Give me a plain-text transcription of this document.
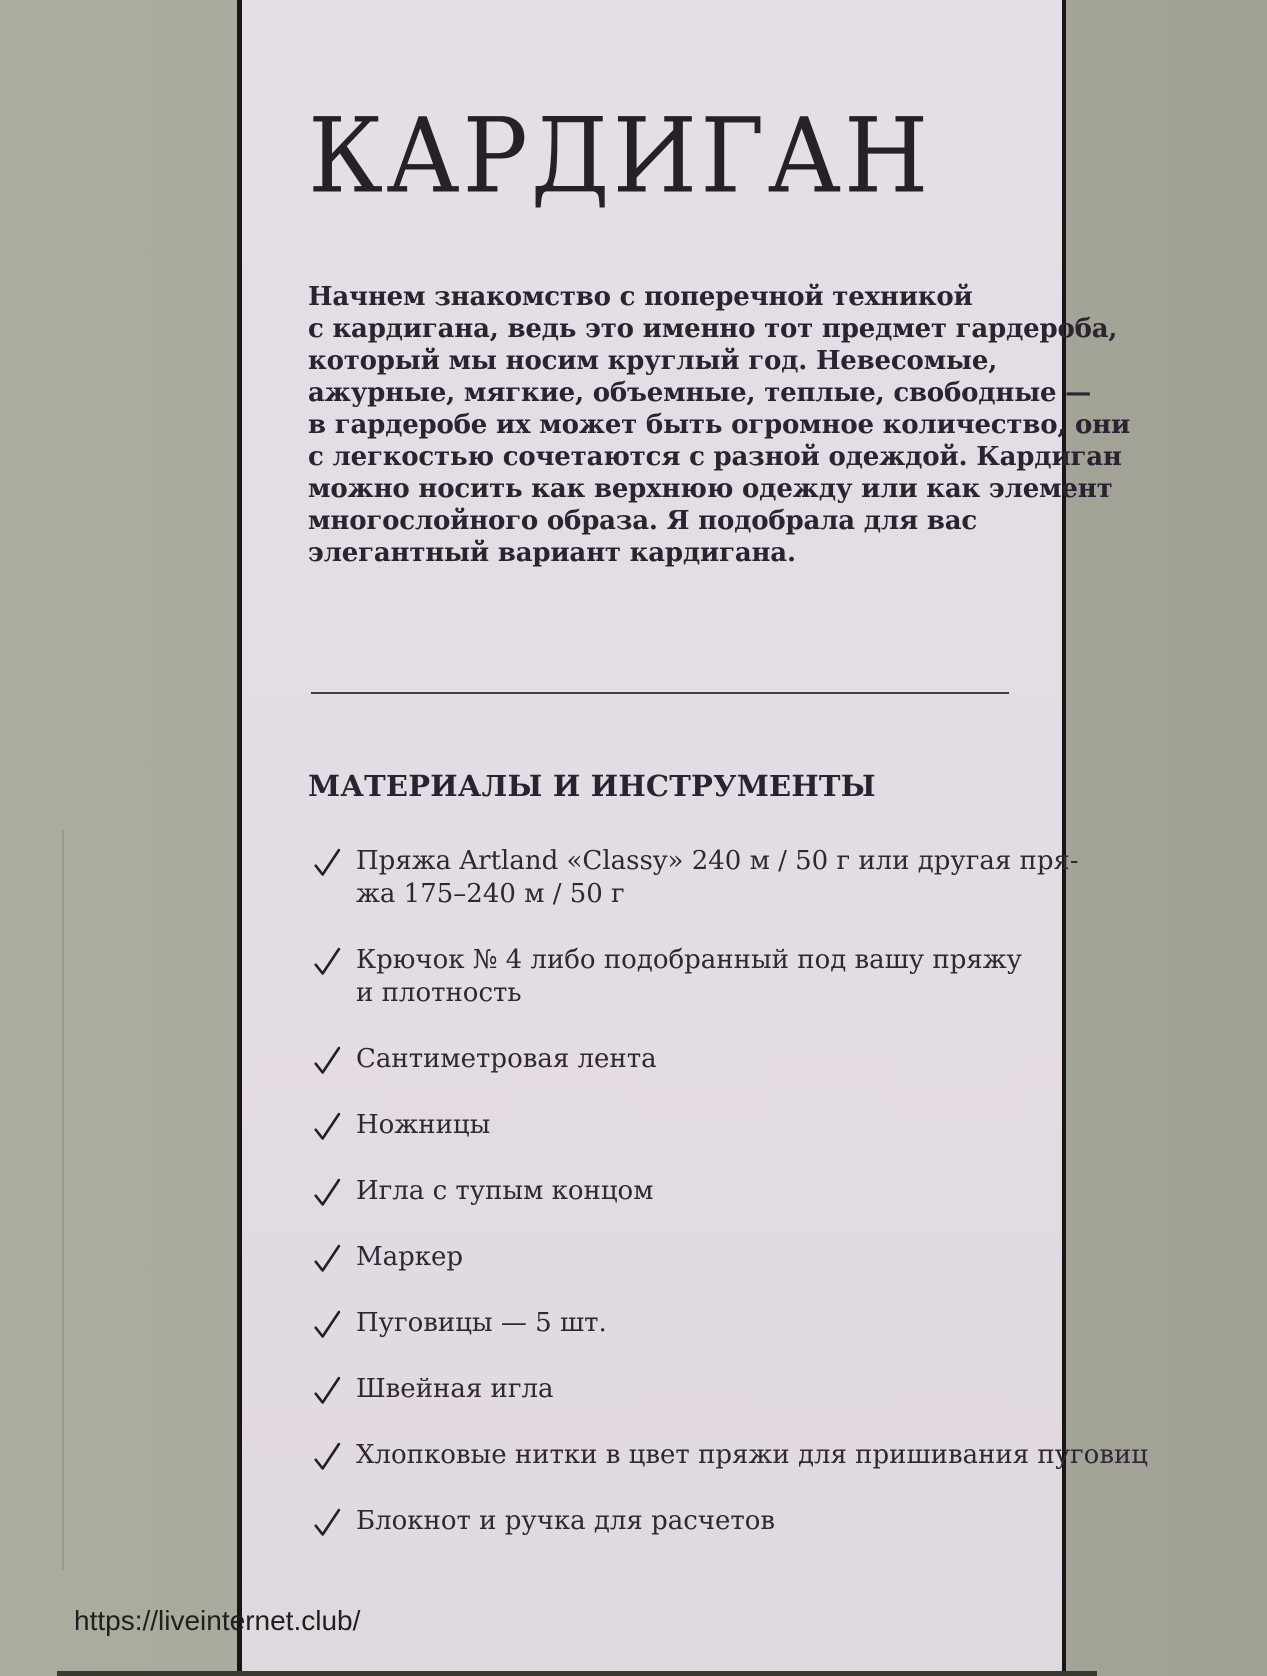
КАРДИГАН
Начнем знакомство с поперечной техникой
с кардигана, ведь это именно тот предмет гардероба,
который мы носим круглый год. Невесомые,
ажурные, мягкие, объемные, теплые, свободные —
в гардеробе их может быть огромное количество, они
с легкостью сочетаются с разной одеждой. Кардиган
можно носить как верхнюю одежду или как элемент
многослойного образа. Я подобрала для вас
элегантный вариант кардигана.
МАТЕРИАЛЫ И ИНСТРУМЕНТЫ
Пряжа Artland «Classy» 240 м / 50 г или другая пря-
жа 175–240 м / 50 г
Крючок № 4 либо подобранный под вашу пряжу
и плотность
Сантиметровая лента
Ножницы
Игла с тупым концом
Маркер
Пуговицы — 5 шт.
Швейная игла
Хлопковые нитки в цвет пряжи для пришивания пуговиц
Блокнот и ручка для расчетов
https://liveinternet.club/
